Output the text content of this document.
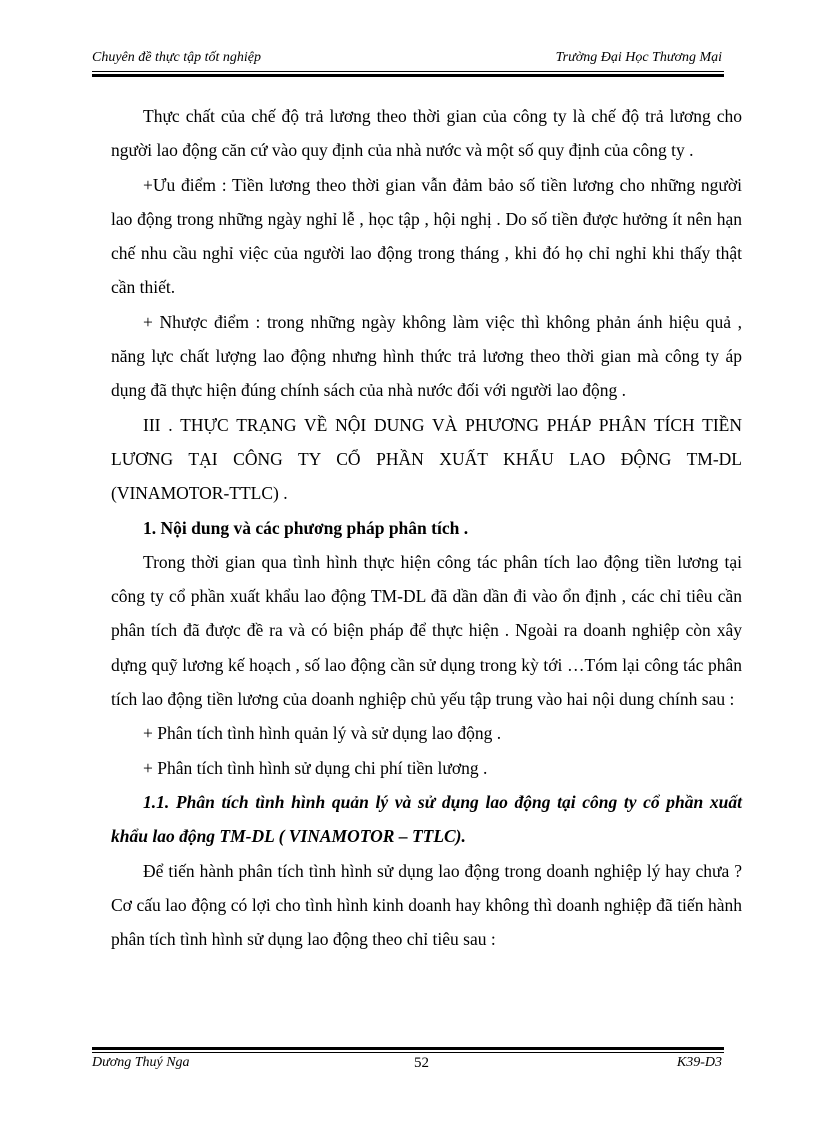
Chuyên đề thực tập tốt nghiệp	Trường Đại Học Thương Mại

Thực chất của chế độ trả lương theo thời gian của công ty là chế độ trả lương cho người lao động căn cứ vào quy định của nhà nước và một số quy định của công ty .

+Ưu điểm : Tiền lương theo thời gian vẫn đảm bảo số tiền lương cho những người lao động trong những ngày nghỉ lễ , học tập , hội nghị . Do số tiền được hưởng ít nên hạn chế nhu cầu nghỉ việc của người lao động trong tháng , khi đó họ chỉ nghỉ khi thấy thật cần thiết.

+ Nhược điểm : trong những ngày không làm việc thì không phản ánh hiệu quả , năng lực chất lượng lao động nhưng hình thức trả lương theo thời gian mà công ty áp dụng đã thực hiện đúng chính sách của nhà nước đối với người lao động .

III . THỰC TRẠNG VỀ NỘI DUNG VÀ PHƯƠNG PHÁP PHÂN TÍCH TIỀN LƯƠNG TẠI CÔNG TY CỔ PHẦN XUẤT KHẨU LAO ĐỘNG TM-DL (VINAMOTOR-TTLC) .

1. Nội dung và các phương pháp phân tích .

Trong thời gian qua tình hình thực hiện công tác phân tích lao động tiền lương tại công ty cổ phần xuất khẩu lao động TM-DL đã dần dần đi vào ổn định , các chỉ tiêu cần phân tích đã được đề ra và có biện pháp để thực hiện . Ngoài ra doanh nghiệp còn xây dựng quỹ lương kế hoạch , số lao động cần sử dụng trong kỳ tới …Tóm lại công tác phân tích lao động tiền lương của doanh nghiệp chủ yếu tập trung vào hai nội dung chính sau :

+ Phân tích tình hình quản lý và sử dụng lao động .

+ Phân tích tình hình sử dụng chi phí tiền lương .

1.1. Phân tích tình hình quản lý và sử dụng lao động tại công ty cổ phần xuất khẩu lao động TM-DL ( VINAMOTOR – TTLC).

Để tiến hành phân tích tình hình sử dụng lao động trong doanh nghiệp lý hay chưa ? Cơ cấu lao động có lợi cho tình hình kinh doanh hay không thì doanh nghiệp đã tiến hành phân tích tình hình sử dụng lao động theo chỉ tiêu sau :

Dương Thuý Nga	52	K39-D3
